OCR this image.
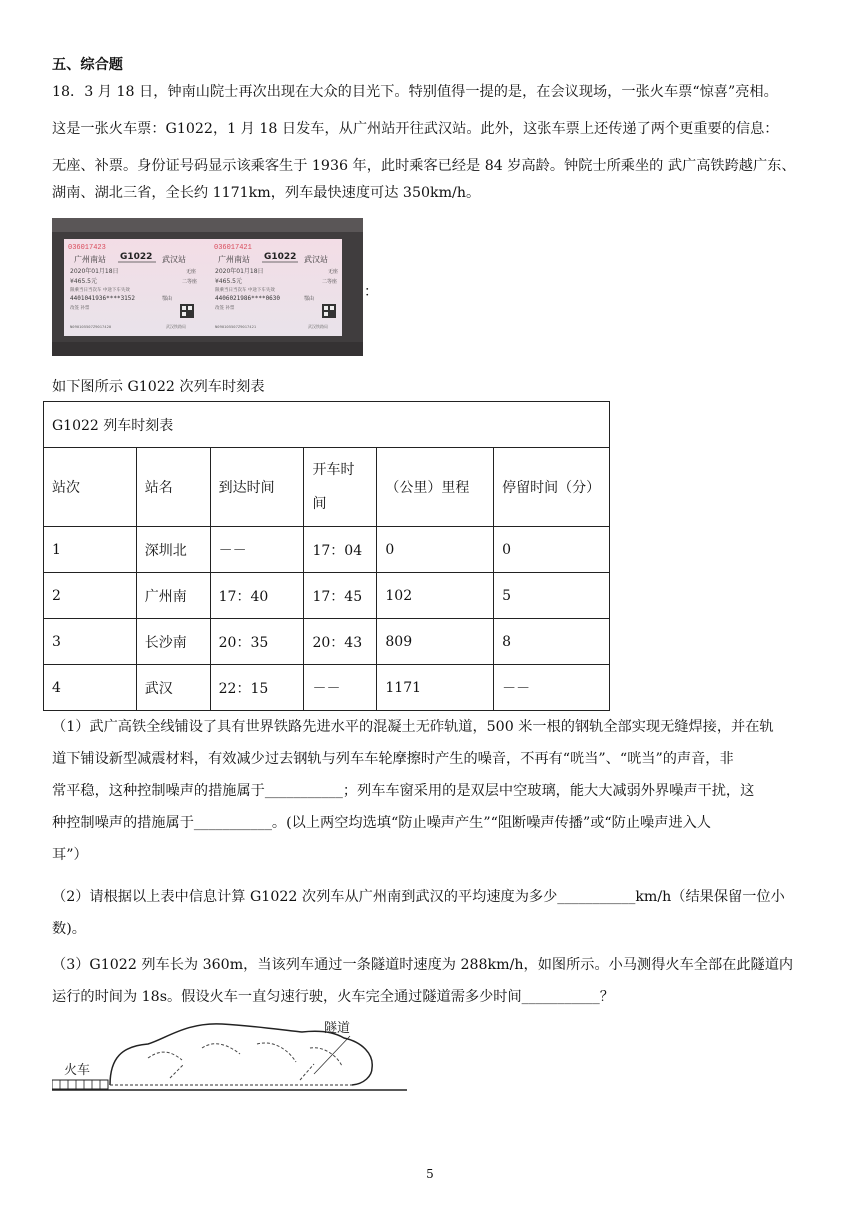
五、综合题
18．3 月 18 日，钟南山院士再次出现在大众的目光下。特别值得一提的是，在会议现场，一张火车票“惊喜”亮相。
这是一张火车票：G1022，1 月 18 日发车，从广州站开往武汉站。此外，这张车票上还传递了两个更重要的信息：
无座、补票。身份证号码显示该乘客生于 1936 年，此时乘客已经是 84 岁高龄。钟院士所乘坐的 武广高铁跨越广东、
湖南、湖北三省，全长约 1171km，列车最快速度可达 350km/h。
036017423
广州南站 G1022 武汉站
2020年01月18日	无座
¥465.5元	二等座
限乘当日当次车 中途下车失效
4401041936****3152	鄂由
改签 补票
N090105507Z9017420	武汉铁路局
036017421
广州南站 G1022 武汉站
2020年01月18日	无座
¥465.5元	二等座
限乘当日当次车 中途下车失效
4406021986****0630	鄂由
改签 补票
N090105507Z9017421	武汉铁路局
：
如下图所示 G1022 次列车时刻表
G1022 列车时刻表					
站次	站名	到达时间	开车时
间	（公里）里程	停留时间（分）
1	深圳北	－－	17：04	0	0
2	广州南	17：40	17：45	102	5
3	长沙南	20：35	20：43	809	8
4	武汉	22：15	－－	1171	－－
（1）武广高铁全线铺设了具有世界铁路先进水平的混凝土无砟轨道，500 米一根的钢轨全部实现无缝焊接，并在轨
道下铺设新型减震材料，有效减少过去钢轨与列车车轮摩擦时产生的噪音，不再有“咣当”、“咣当”的声音，非
常平稳，这种控制噪声的措施属于___________；列车车窗采用的是双层中空玻璃，能大大减弱外界噪声干扰，这
种控制噪声的措施属于___________。(以上两空均选填“防止噪声产生”“阻断噪声传播”或“防止噪声进入人
耳”）
（2）请根据以上表中信息计算 G1022 次列车从广州南到武汉的平均速度为多少___________km/h（结果保留一位小
数)。
（3）G1022 列车长为 360m，当该列车通过一条隧道时速度为 288km/h，如图所示。小马测得火车全部在此隧道内
运行的时间为 18s。假设火车一直匀速行驶，火车完全通过隧道需多少时间___________？
隧道
火车
5
